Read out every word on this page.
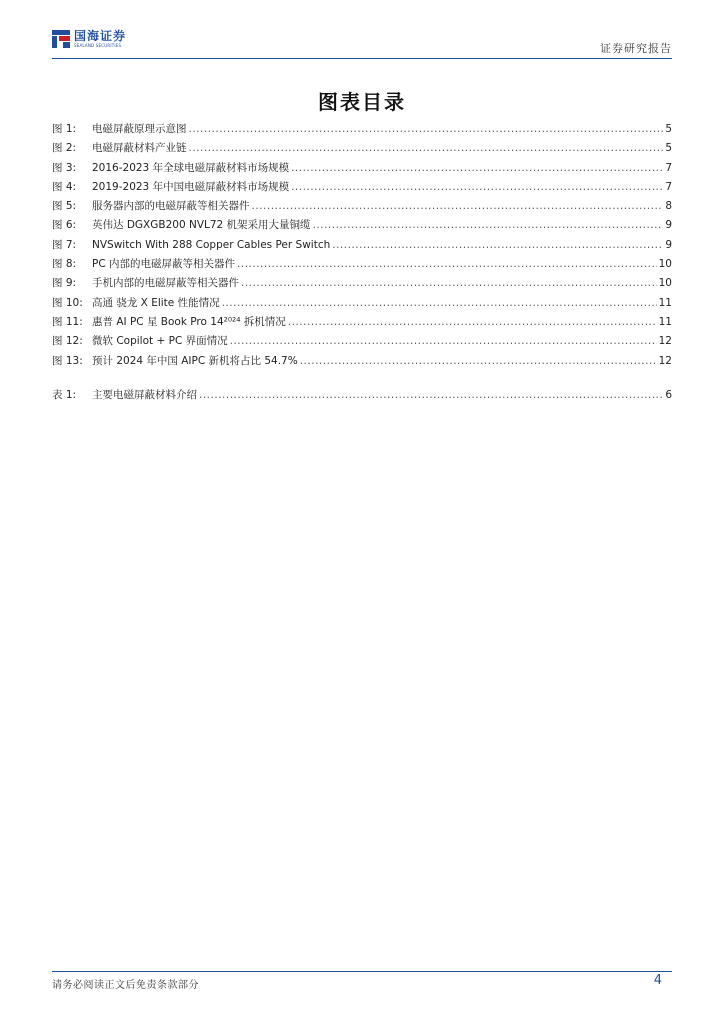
国海证券
SEALAND SECURITIES	证券研究报告
图表目录
图 1:	电磁屏蔽原理示意图 .....	5
图 2:	电磁屏蔽材料产业链 .....	5
图 3:	2016-2023 年全球电磁屏蔽材料市场规模 .....	7
图 4:	2019-2023 年中国电磁屏蔽材料市场规模 .....	7
图 5:	服务器内部的电磁屏蔽等相关器件 .....	8
图 6:	英伟达 DGXGB200 NVL72 机架采用大量铜缆 .....	9
图 7:	NVSwitch With 288 Copper Cables Per Switch .....	9
图 8:	PC 内部的电磁屏蔽等相关器件 .....	10
图 9:	手机内部的电磁屏蔽等相关器件 .....	10
图 10: 高通 骁龙 X Elite 性能情况 .....	11
图 11: 惠普 AI PC 星 Book Pro 14²⁰²⁴ 拆机情况 .....	11
图 12: 微软 Copilot + PC 界面情况 .....	12
图 13: 预计 2024 年中国 AIPC 新机将占比 54.7% .....	12
表 1:	主要电磁屏蔽材料介绍 .....	6
请务必阅读正文后免责条款部分	4
